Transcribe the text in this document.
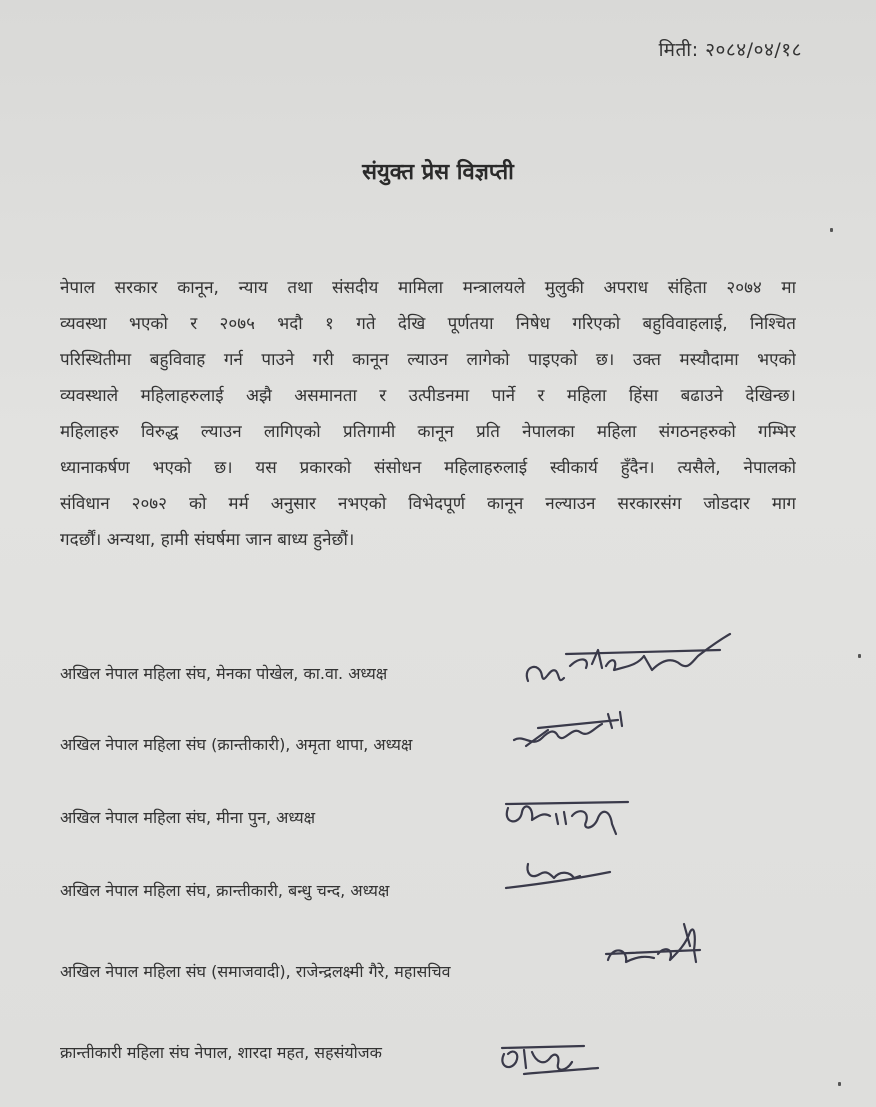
मिती: २०८४/०४/१८
संयुक्त प्रेस विज्ञप्ती
नेपाल सरकार कानून, न्याय तथा संसदीय मामिला मन्त्रालयले मुलुकी अपराध संहिता २०७४ मा
व्यवस्था भएको र २०७५ भदौ १ गते देखि पूर्णतया निषेध गरिएको बहुविवाहलाई, निश्चित
परिस्थितीमा बहुविवाह गर्न पाउने गरी कानून ल्याउन लागेको पाइएको छ। उक्त मस्यौदामा भएको
व्यवस्थाले महिलाहरुलाई अझै असमानता र उत्पीडनमा पार्ने र महिला हिंसा बढाउने देखिन्छ।
महिलाहरु विरुद्ध ल्याउन लागिएको प्रतिगामी कानून प्रति नेपालका महिला संगठनहरुको गम्भिर
ध्यानाकर्षण भएको छ। यस प्रकारको संसोधन महिलाहरुलाई स्वीकार्य हुँदैन। त्यसैले, नेपालको
संविधान २०७२ को मर्म अनुसार नभएको विभेदपूर्ण कानून नल्याउन सरकारसंग जोडदार माग
गदर्छौं। अन्यथा, हामी संघर्षमा जान बाध्य हुनेछौं।
अखिल नेपाल महिला संघ, मेनका पोखेल, का.वा. अध्यक्ष
अखिल नेपाल महिला संघ (क्रान्तीकारी), अमृता थापा, अध्यक्ष
अखिल नेपाल महिला संघ, मीना पुन, अध्यक्ष
अखिल नेपाल महिला संघ, क्रान्तीकारी, बन्धु चन्द, अध्यक्ष
अखिल नेपाल महिला संघ (समाजवादी), राजेन्द्रलक्ष्मी गैरे, महासचिव
क्रान्तीकारी महिला संघ नेपाल, शारदा महत, सहसंयोजक
